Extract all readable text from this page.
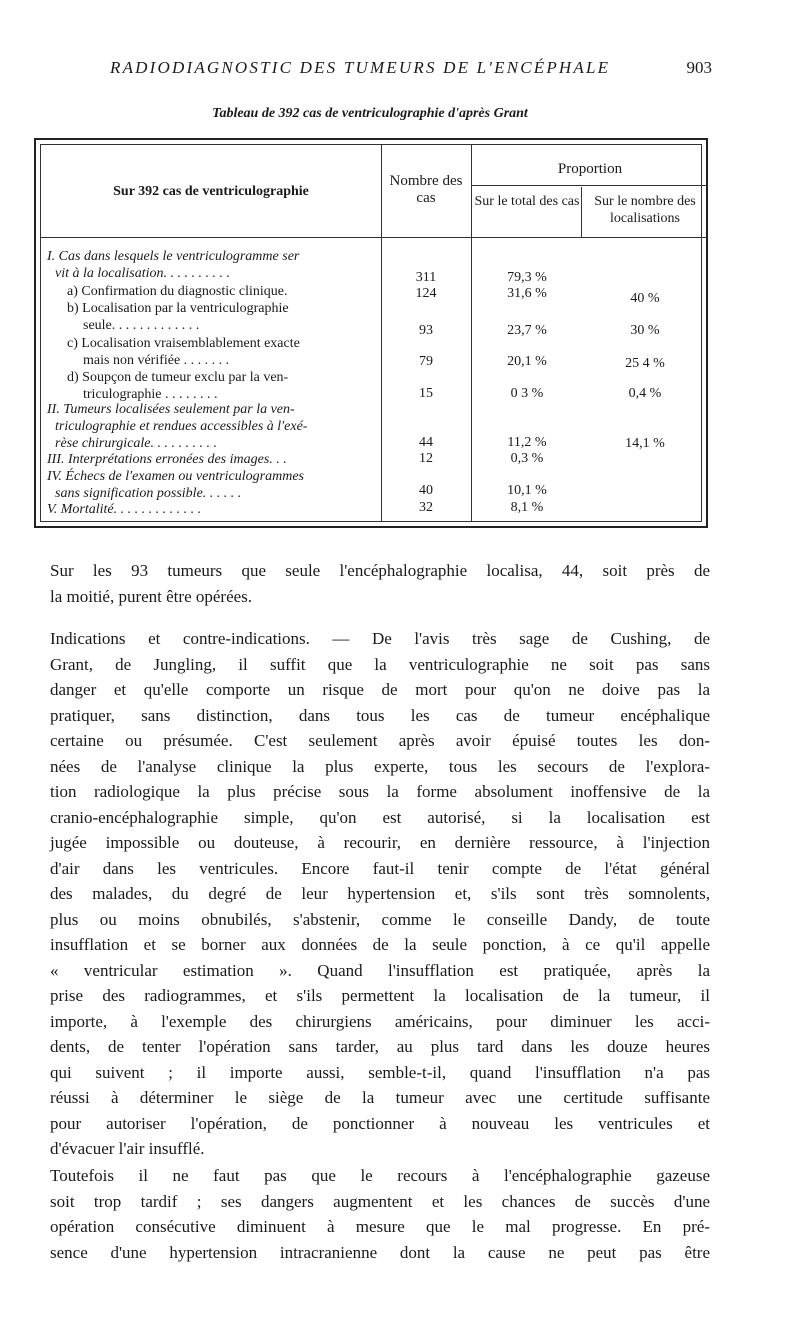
RADIODIAGNOSTIC DES TUMEURS DE L'ENCÉPHALE	903
Tableau de 392 cas de ventriculographie d'après Grant
Sur 392 cas de ventriculographie
Nombre des cas
Proportion
Sur le total des cas	Sur le nombre des localisations
I. Cas dans lesquels le ventriculogramme ser
vit à la localisation. . . . . . . . . .	311	79,3 %
a) Confirmation du diagnostic clinique.	124	31,6 %	40 %
b) Localisation par la ventriculographie
seule. . . . . . . . . . . . .	93	23,7 %	30 %
c) Localisation vraisemblablement exacte
mais non vérifiée . . . . . . .	79	20,1 %	25 4 %
d) Soupçon de tumeur exclu par la ven-
triculographie . . . . . . . .	15	0 3 %	0,4 %
II. Tumeurs localisées seulement par la ven-
triculographie et rendues accessibles à l'exé-
rèse chirurgicale. . . . . . . . . .	44	11,2 %	14,1 %
III. Interprétations erronées des images. . .	12	0,3 %
IV. Échecs de l'examen ou ventriculogrammes
sans signification possible. . . . . .	40	10,1 %
V. Mortalité. . . . . . . . . . . . .	32	8,1 %
Sur les 93 tumeurs que seule l'encéphalographie localisa, 44, soit près de
la moitié, purent être opérées.
Indications et contre-indications. — De l'avis très sage de Cushing, de
Grant, de Jungling, il suffit que la ventriculographie ne soit pas sans
danger et qu'elle comporte un risque de mort pour qu'on ne doive pas la
pratiquer, sans distinction, dans tous les cas de tumeur encéphalique
certaine ou présumée. C'est seulement après avoir épuisé toutes les don-
nées de l'analyse clinique la plus experte, tous les secours de l'explora-
tion radiologique la plus précise sous la forme absolument inoffensive de la
cranio-encéphalographie simple, qu'on est autorisé, si la localisation est
jugée impossible ou douteuse, à recourir, en dernière ressource, à l'injection
d'air dans les ventricules. Encore faut-il tenir compte de l'état général
des malades, du degré de leur hypertension et, s'ils sont très somnolents,
plus ou moins obnubilés, s'abstenir, comme le conseille Dandy, de toute
insufflation et se borner aux données de la seule ponction, à ce qu'il appelle
« ventricular estimation ». Quand l'insufflation est pratiquée, après la
prise des radiogrammes, et s'ils permettent la localisation de la tumeur, il
importe, à l'exemple des chirurgiens américains, pour diminuer les acci-
dents, de tenter l'opération sans tarder, au plus tard dans les douze heures
qui suivent ; il importe aussi, semble-t-il, quand l'insufflation n'a pas
réussi à déterminer le siège de la tumeur avec une certitude suffisante
pour autoriser l'opération, de ponctionner à nouveau les ventricules et
d'évacuer l'air insufflé.
Toutefois il ne faut pas que le recours à l'encéphalographie gazeuse
soit trop tardif ; ses dangers augmentent et les chances de succès d'une
opération consécutive diminuent à mesure que le mal progresse. En pré-
sence d'une hypertension intracranienne dont la cause ne peut pas être
